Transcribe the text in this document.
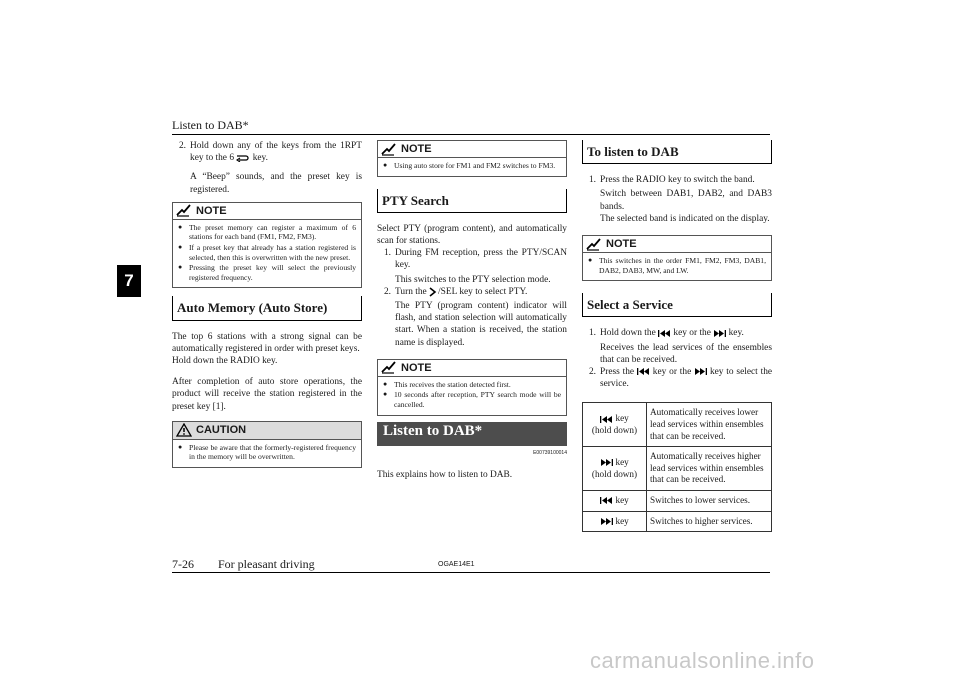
Listen to DAB*
7
2. Hold down any of the keys from the 1RPT key to the 6 key.
A “Beep” sounds, and the preset key is registered.
NOTE
● The preset memory can register a maximum of 6 stations for each band (FM1, FM2, FM3).
● If a preset key that already has a station registered is selected, then this is overwritten with the new preset.
● Pressing the preset key will select the previously registered frequency.
Auto Memory (Auto Store)
The top 6 stations with a strong signal can be automatically registered in order with preset keys.
Hold down the RADIO key.
After completion of auto store operations, the product will receive the station registered in the preset key [1].
CAUTION
● Please be aware that the formerly-registered frequency in the memory will be overwritten.
NOTE
● Using auto store for FM1 and FM2 switches to FM3.
PTY Search
Select PTY (program content), and automatically scan for stations.
1. During FM reception, press the PTY/SCAN key.
This switches to the PTY selection mode.
2. Turn the /SEL key to select PTY.
The PTY (program content) indicator will flash, and station selection will automatically start. When a station is received, the station name is displayed.
NOTE
● This receives the station detected first.
● 10 seconds after reception, PTY search mode will be cancelled.
Listen to DAB*
E00739100014
This explains how to listen to DAB.
To listen to DAB
1. Press the RADIO key to switch the band.
Switch between DAB1, DAB2, and DAB3 bands.
The selected band is indicated on the display.
NOTE
● This switches in the order FM1, FM2, FM3, DAB1, DAB2, DAB3, MW, and LW.
Select a Service
1. Hold down the key or the key.
Receives the lead services of the ensembles that can be received.
2. Press the key or the key to select the service.
key
(hold down)	Automatically receives lower lead services within ensembles that can be received.
key
(hold down)	Automatically receives higher lead services within ensembles that can be received.
key	Switches to lower services.
key	Switches to higher services.
7-26 For pleasant driving	OGAE14E1
carmanualsonline.info
